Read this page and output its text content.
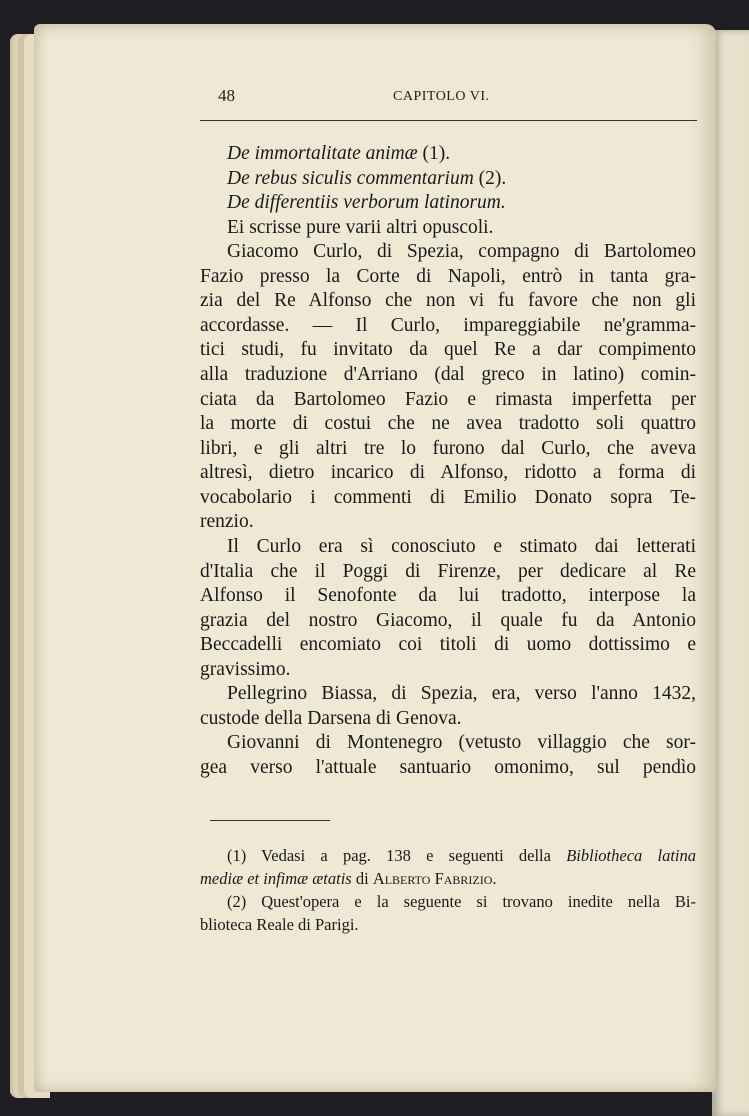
48	CAPITOLO VI.
De immortalitate animæ (1).
De rebus siculis commentarium (2).
De differentiis verborum latinorum.
Ei scrisse pure varii altri opuscoli.
Giacomo Curlo, di Spezia, compagno di Bartolomeo
Fazio presso la Corte di Napoli, entrò in tanta gra-
zia del Re Alfonso che non vi fu favore che non gli
accordasse. — Il Curlo, impareggiabile ne'gramma-
tici studi, fu invitato da quel Re a dar compimento
alla traduzione d'Arriano (dal greco in latino) comin-
ciata da Bartolomeo Fazio e rimasta imperfetta per
la morte di costui che ne avea tradotto soli quattro
libri, e gli altri tre lo furono dal Curlo, che aveva
altresì, dietro incarico di Alfonso, ridotto a forma di
vocabolario i commenti di Emilio Donato sopra Te-
renzio.
Il Curlo era sì conosciuto e stimato dai letterati
d'Italia che il Poggi di Firenze, per dedicare al Re
Alfonso il Senofonte da lui tradotto, interpose la
grazia del nostro Giacomo, il quale fu da Antonio
Beccadelli encomiato coi titoli di uomo dottissimo e
gravissimo.
Pellegrino Biassa, di Spezia, era, verso l'anno 1432,
custode della Darsena di Genova.
Giovanni di Montenegro (vetusto villaggio che sor-
gea verso l'attuale santuario omonimo, sul pendìo
(1) Vedasi a pag. 138 e seguenti della Bibliotheca latina
mediæ et infimæ ætatis di Alberto Fabrizio.
(2) Quest'opera e la seguente si trovano inedite nella Bi-
blioteca Reale di Parigi.
